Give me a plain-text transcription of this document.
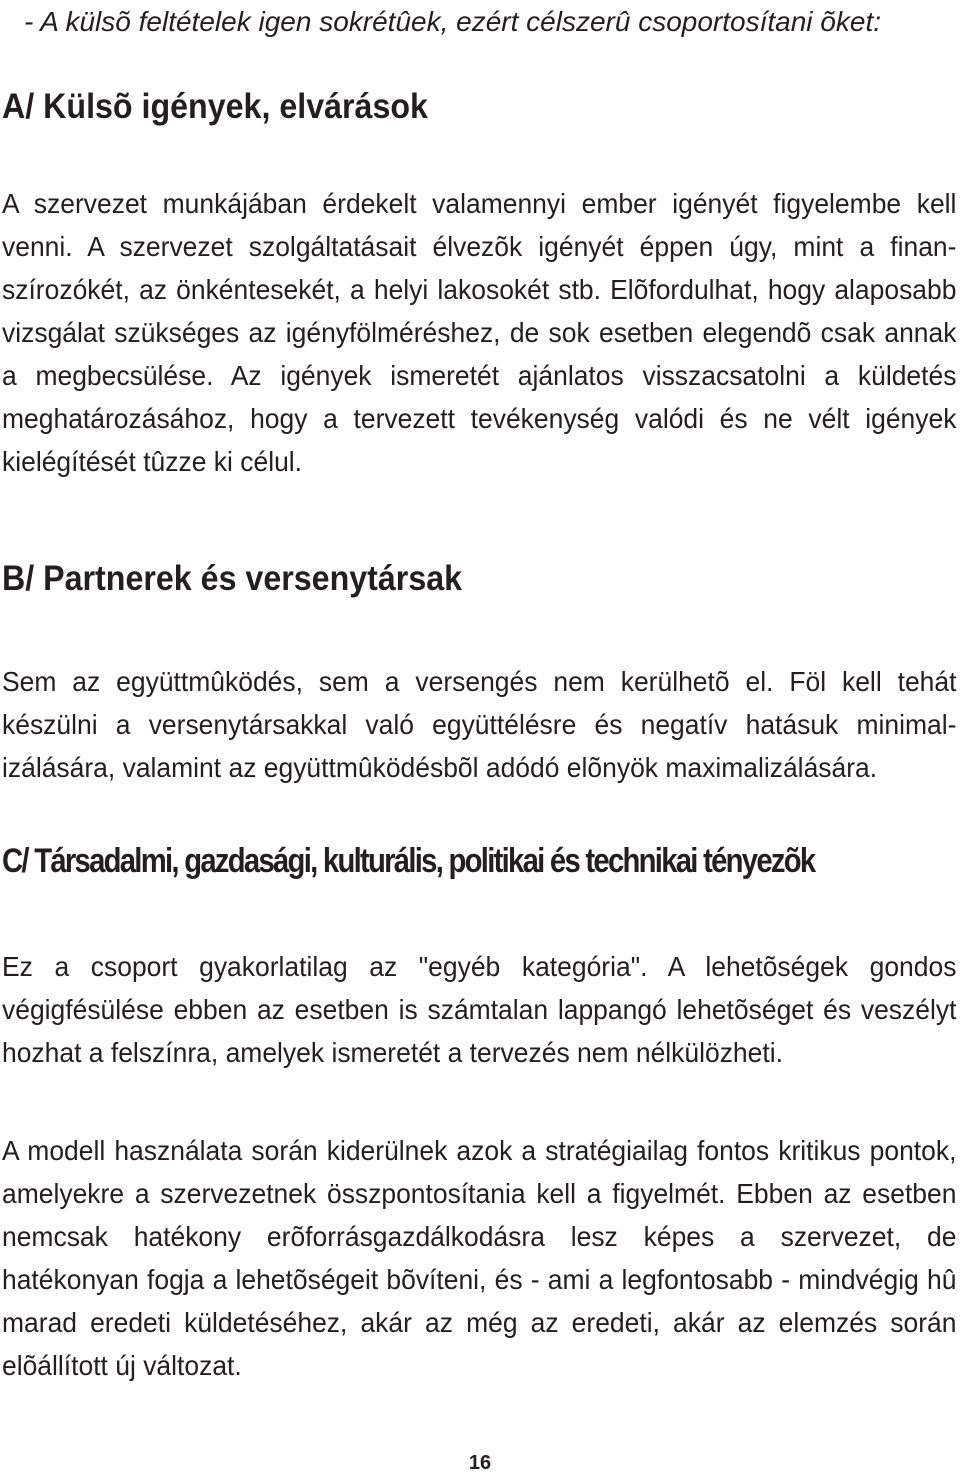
- A külsõ feltételek igen sokrétûek, ezért célszerû csoportosítani õket:

A/ Külsõ igények, elvárások

A szervezet munkájában érdekelt valamennyi ember igényét figyelembe kell venni. A szervezet szolgáltatásait élvezõk igényét éppen úgy, mint a finanszírozókét, az önkéntesekét, a helyi lakosokét stb. Elõfordulhat, hogy alaposabb vizsgálat szükséges az igényfölméréshez, de sok esetben elegendõ csak annak a megbecsülése. Az igények ismeretét ajánlatos visszacsatolni a küldetés meghatározásához, hogy a tervezett tevékenység valódi és ne vélt igények kielégítését tûzze ki célul.

B/ Partnerek és versenytársak

Sem az együttmûködés, sem a versengés nem kerülhetõ el. Föl kell tehát készülni a versenytársakkal való együttélésre és negatív hatásuk minimalizálására, valamint az együttmûködésbõl adódó elõnyök maximalizálására.

C/ Társadalmi, gazdasági, kulturális, politikai és technikai tényezõk

Ez a csoport gyakorlatilag az "egyéb kategória". A lehetõségek gondos végigfésülése ebben az esetben is számtalan lappangó lehetõséget és veszélyt hozhat a felszínra, amelyek ismeretét a tervezés nem nélkülözheti.

A modell használata során kiderülnek azok a stratégiailag fontos kritikus pontok, amelyekre a szervezetnek összpontosítania kell a figyelmét. Ebben az esetben nemcsak hatékony erõforrásgazdálkodásra lesz képes a szervezet, de hatékonyan fogja a lehetõségeit bõvíteni, és - ami a legfontosabb - mindvégig hû marad eredeti küldetéséhez, akár az még az eredeti, akár az elemzés során elõállított új változat.

16
